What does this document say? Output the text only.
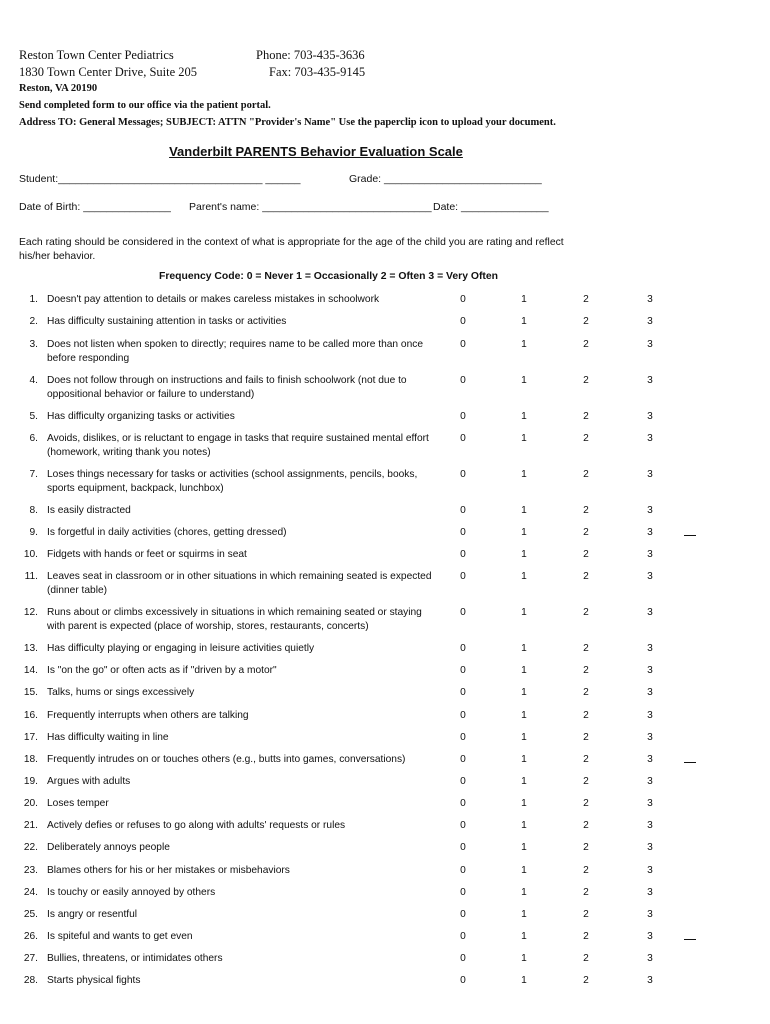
Reston Town Center Pediatrics
1830 Town Center Drive, Suite 205
Reston, VA 20190
Phone: 703-435-3636
Fax: 703-435-9145
Send completed form to our office via the patient portal.
Address TO: General Messages; SUBJECT: ATTN "Provider's Name" Use the paperclip icon to upload your document.
Vanderbilt PARENTS Behavior Evaluation Scale
Student:___________________________________ ______	Grade: ___________________________
Date of Birth: _______________ Parent's name: _____________________________ Date: _______________
Each rating should be considered in the context of what is appropriate for the age of the child you are rating and reflect his/her behavior.
Frequency Code: 0 = Never 1 = Occasionally 2 = Often 3 = Very Often
1. Doesn't pay attention to details or makes careless mistakes in schoolwork	0	1	2	3
2. Has difficulty sustaining attention in tasks or activities	0	1	2	3
3. Does not listen when spoken to directly; requires name to be called more than once before responding
0	1	2	3
4. Does not follow through on instructions and fails to finish schoolwork (not due to oppositional behavior or failure to understand)
0	1	2	3
5. Has difficulty organizing tasks or activities	0	1	2	3
6. Avoids, dislikes, or is reluctant to engage in tasks that require sustained mental effort (homework, writing thank you notes)
0	1	2	3
7. Loses things necessary for tasks or activities (school assignments, pencils, books, sports equipment, backpack, lunchbox)
0	1	2	3
8. Is easily distracted	0	1	2	3
9. Is forgetful in daily activities (chores, getting dressed)	0	1	2	3
10. Fidgets with hands or feet or squirms in seat	0	1	2	3
11. Leaves seat in classroom or in other situations in which remaining seated is expected (dinner table)
0	1	2	3
12. Runs about or climbs excessively in situations in which remaining seated or staying with parent is expected (place of worship, stores, restaurants, concerts)
0	1	2	3
13. Has difficulty playing or engaging in leisure activities quietly	0	1	2	3
14. Is "on the go" or often acts as if "driven by a motor"	0	1	2	3
15. Talks, hums or sings excessively	0	1	2	3
16. Frequently interrupts when others are talking	0	1	2	3
17. Has difficulty waiting in line	0	1	2	3
18. Frequently intrudes on or touches others (e.g., butts into games, conversations)	0	1	2	3
19. Argues with adults	0	1	2	3
20. Loses temper	0	1	2	3
21. Actively defies or refuses to go along with adults' requests or rules	0	1	2	3
22. Deliberately annoys people	0	1	2	3
23. Blames others for his or her mistakes or misbehaviors	0	1	2	3
24. Is touchy or easily annoyed by others	0	1	2	3
25. Is angry or resentful	0	1	2	3
26. Is spiteful and wants to get even	0	1	2	3
27. Bullies, threatens, or intimidates others	0	1	2	3
28. Starts physical fights	0	1	2	3
